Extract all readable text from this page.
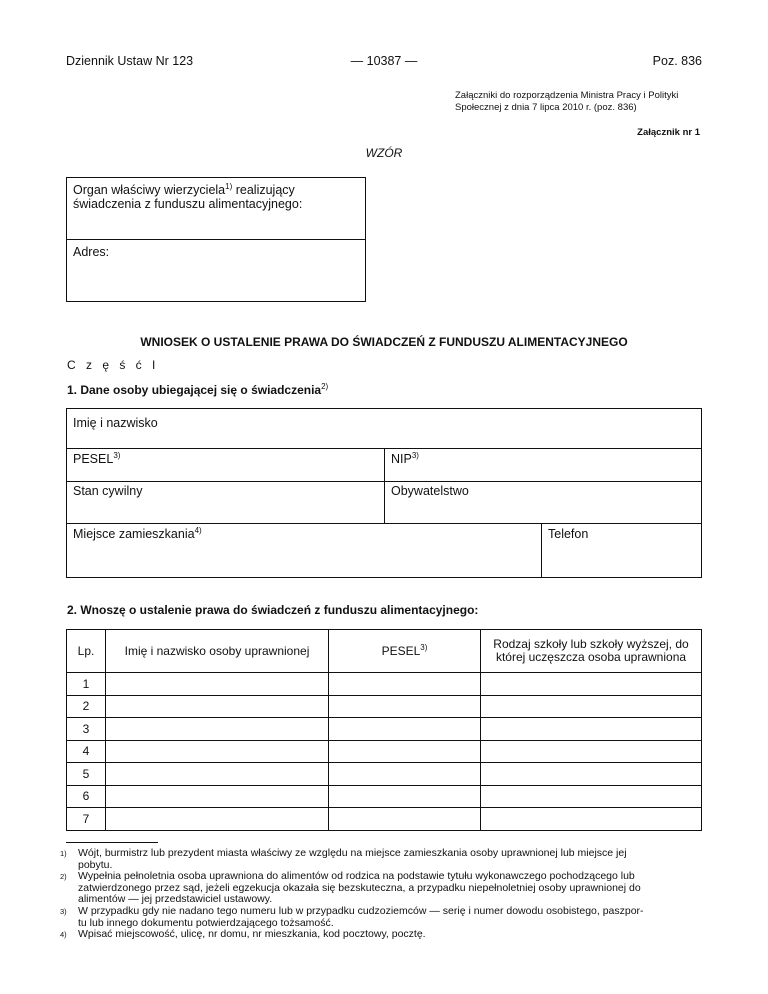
Dziennik Ustaw Nr 123	— 10387 —	Poz. 836
Załączniki do rozporządzenia Ministra Pracy i Polityki
Społecznej z dnia 7 lipca 2010 r. (poz. 836)
Załącznik nr 1
WZÓR
Organ właściwy wierzyciela$^{1)}$ realizujący
świadczenia z funduszu alimentacyjnego:
Adres:
WNIOSEK O USTALENIE PRAWA DO ŚWIADCZEŃ Z FUNDUSZU ALIMENTACYJNEGO
C z ę ś ć I
1. Dane osoby ubiegającej się o świadczenia$^{2)}$
Imię i nazwisko
PESEL$^{3)}$	NIP$^{3)}$
Stan cywilny	Obywatelstwo
Miejsce zamieszkania$^{4)}$	Telefon
2. Wnoszę o ustalenie prawa do świadczeń z funduszu alimentacyjnego:
Lp.	Imię i nazwisko osoby uprawnionej	PESEL$^{3)}$	Rodzaj szkoły lub szkoły wyższej, do
której uczęszcza osoba uprawniona
1			
2			
3			
4			
5			
6			
7			
1) Wójt, burmistrz lub prezydent miasta właściwy ze względu na miejsce zamieszkania osoby uprawnionej lub miejsce jej
pobytu.
2) Wypełnia pełnoletnia osoba uprawniona do alimentów od rodzica na podstawie tytułu wykonawczego pochodzącego lub
zatwierdzonego przez sąd, jeżeli egzekucja okazała się bezskuteczna, a przypadku niepełnoletniej osoby uprawnionej do
alimentów — jej przedstawiciel ustawowy.
3) W przypadku gdy nie nadano tego numeru lub w przypadku cudzoziemców — serię i numer dowodu osobistego, paszpor-
tu lub innego dokumentu potwierdzającego tożsamość.
4) Wpisać miejscowość, ulicę, nr domu, nr mieszkania, kod pocztowy, pocztę.
